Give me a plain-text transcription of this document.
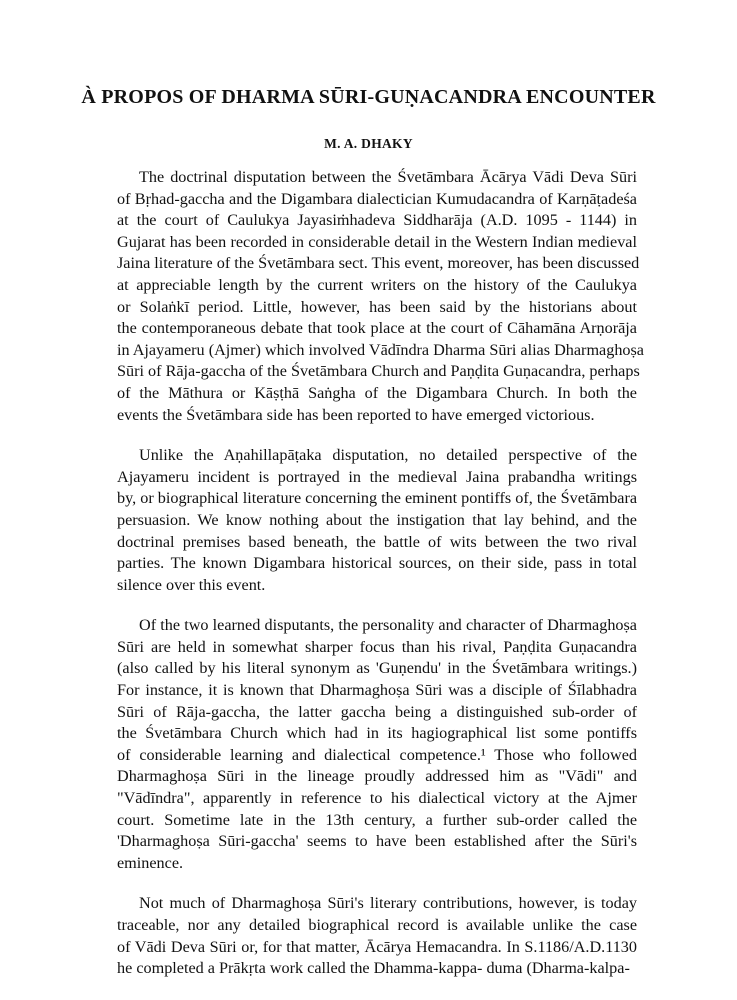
À PROPOS OF DHARMA SŪRI-GUṆACANDRA ENCOUNTER
M. A. DHAKY

The doctrinal disputation between the Śvetāmbara Ācārya Vādi Deva Sūri
of Bṛhad-gaccha and the Digambara dialectician Kumudacandra of Karṇāṭadeśa
at the court of Caulukya Jayasiṁhadeva Siddharāja (A.D. 1095 - 1144) in
Gujarat has been recorded in considerable detail in the Western Indian medieval
Jaina literature of the Śvetāmbara sect. This event, moreover, has been discussed
at appreciable length by the current writers on the history of the Caulukya
or Solaṅkī period. Little, however, has been said by the historians about
the contemporaneous debate that took place at the court of Cāhamāna Arṇorāja
in Ajayameru (Ajmer) which involved Vādīndra Dharma Sūri alias Dharmaghoṣa
Sūri of Rāja-gaccha of the Śvetāmbara Church and Paṇḍita Guṇacandra, perhaps
of the Māthura or Kāṣṭhā Saṅgha of the Digambara Church. In both the
events the Śvetāmbara side has been reported to have emerged victorious.

Unlike the Aṇahillapāṭaka disputation, no detailed perspective of the
Ajayameru incident is portrayed in the medieval Jaina prabandha writings
by, or biographical literature concerning the eminent pontiffs of, the Śvetāmbara
persuasion. We know nothing about the instigation that lay behind, and the
doctrinal premises based beneath, the battle of wits between the two rival
parties. The known Digambara historical sources, on their side, pass in total
silence over this event.

Of the two learned disputants, the personality and character of Dharmaghoṣa
Sūri are held in somewhat sharper focus than his rival, Paṇḍita Guṇacandra
(also called by his literal synonym as 'Guṇendu' in the Śvetāmbara writings.)
For instance, it is known that Dharmaghoṣa Sūri was a disciple of Śīlabhadra
Sūri of Rāja-gaccha, the latter gaccha being a distinguished sub-order of
the Śvetāmbara Church which had in its hagiographical list some pontiffs
of considerable learning and dialectical competence.¹ Those who followed
Dharmaghoṣa Sūri in the lineage proudly addressed him as "Vādi" and
"Vādīndra", apparently in reference to his dialectical victory at the Ajmer
court. Sometime late in the 13th century, a further sub-order called the
'Dharmaghoṣa Sūri-gaccha' seems to have been established after the Sūri's
eminence.

Not much of Dharmaghoṣa Sūri's literary contributions, however, is today
traceable, nor any detailed biographical record is available unlike the case
of Vādi Deva Sūri or, for that matter, Ācārya Hemacandra. In S.1186/A.D.1130
he completed a Prākṛta work called the Dhamma-kappa- duma (Dharma-kalpa-
